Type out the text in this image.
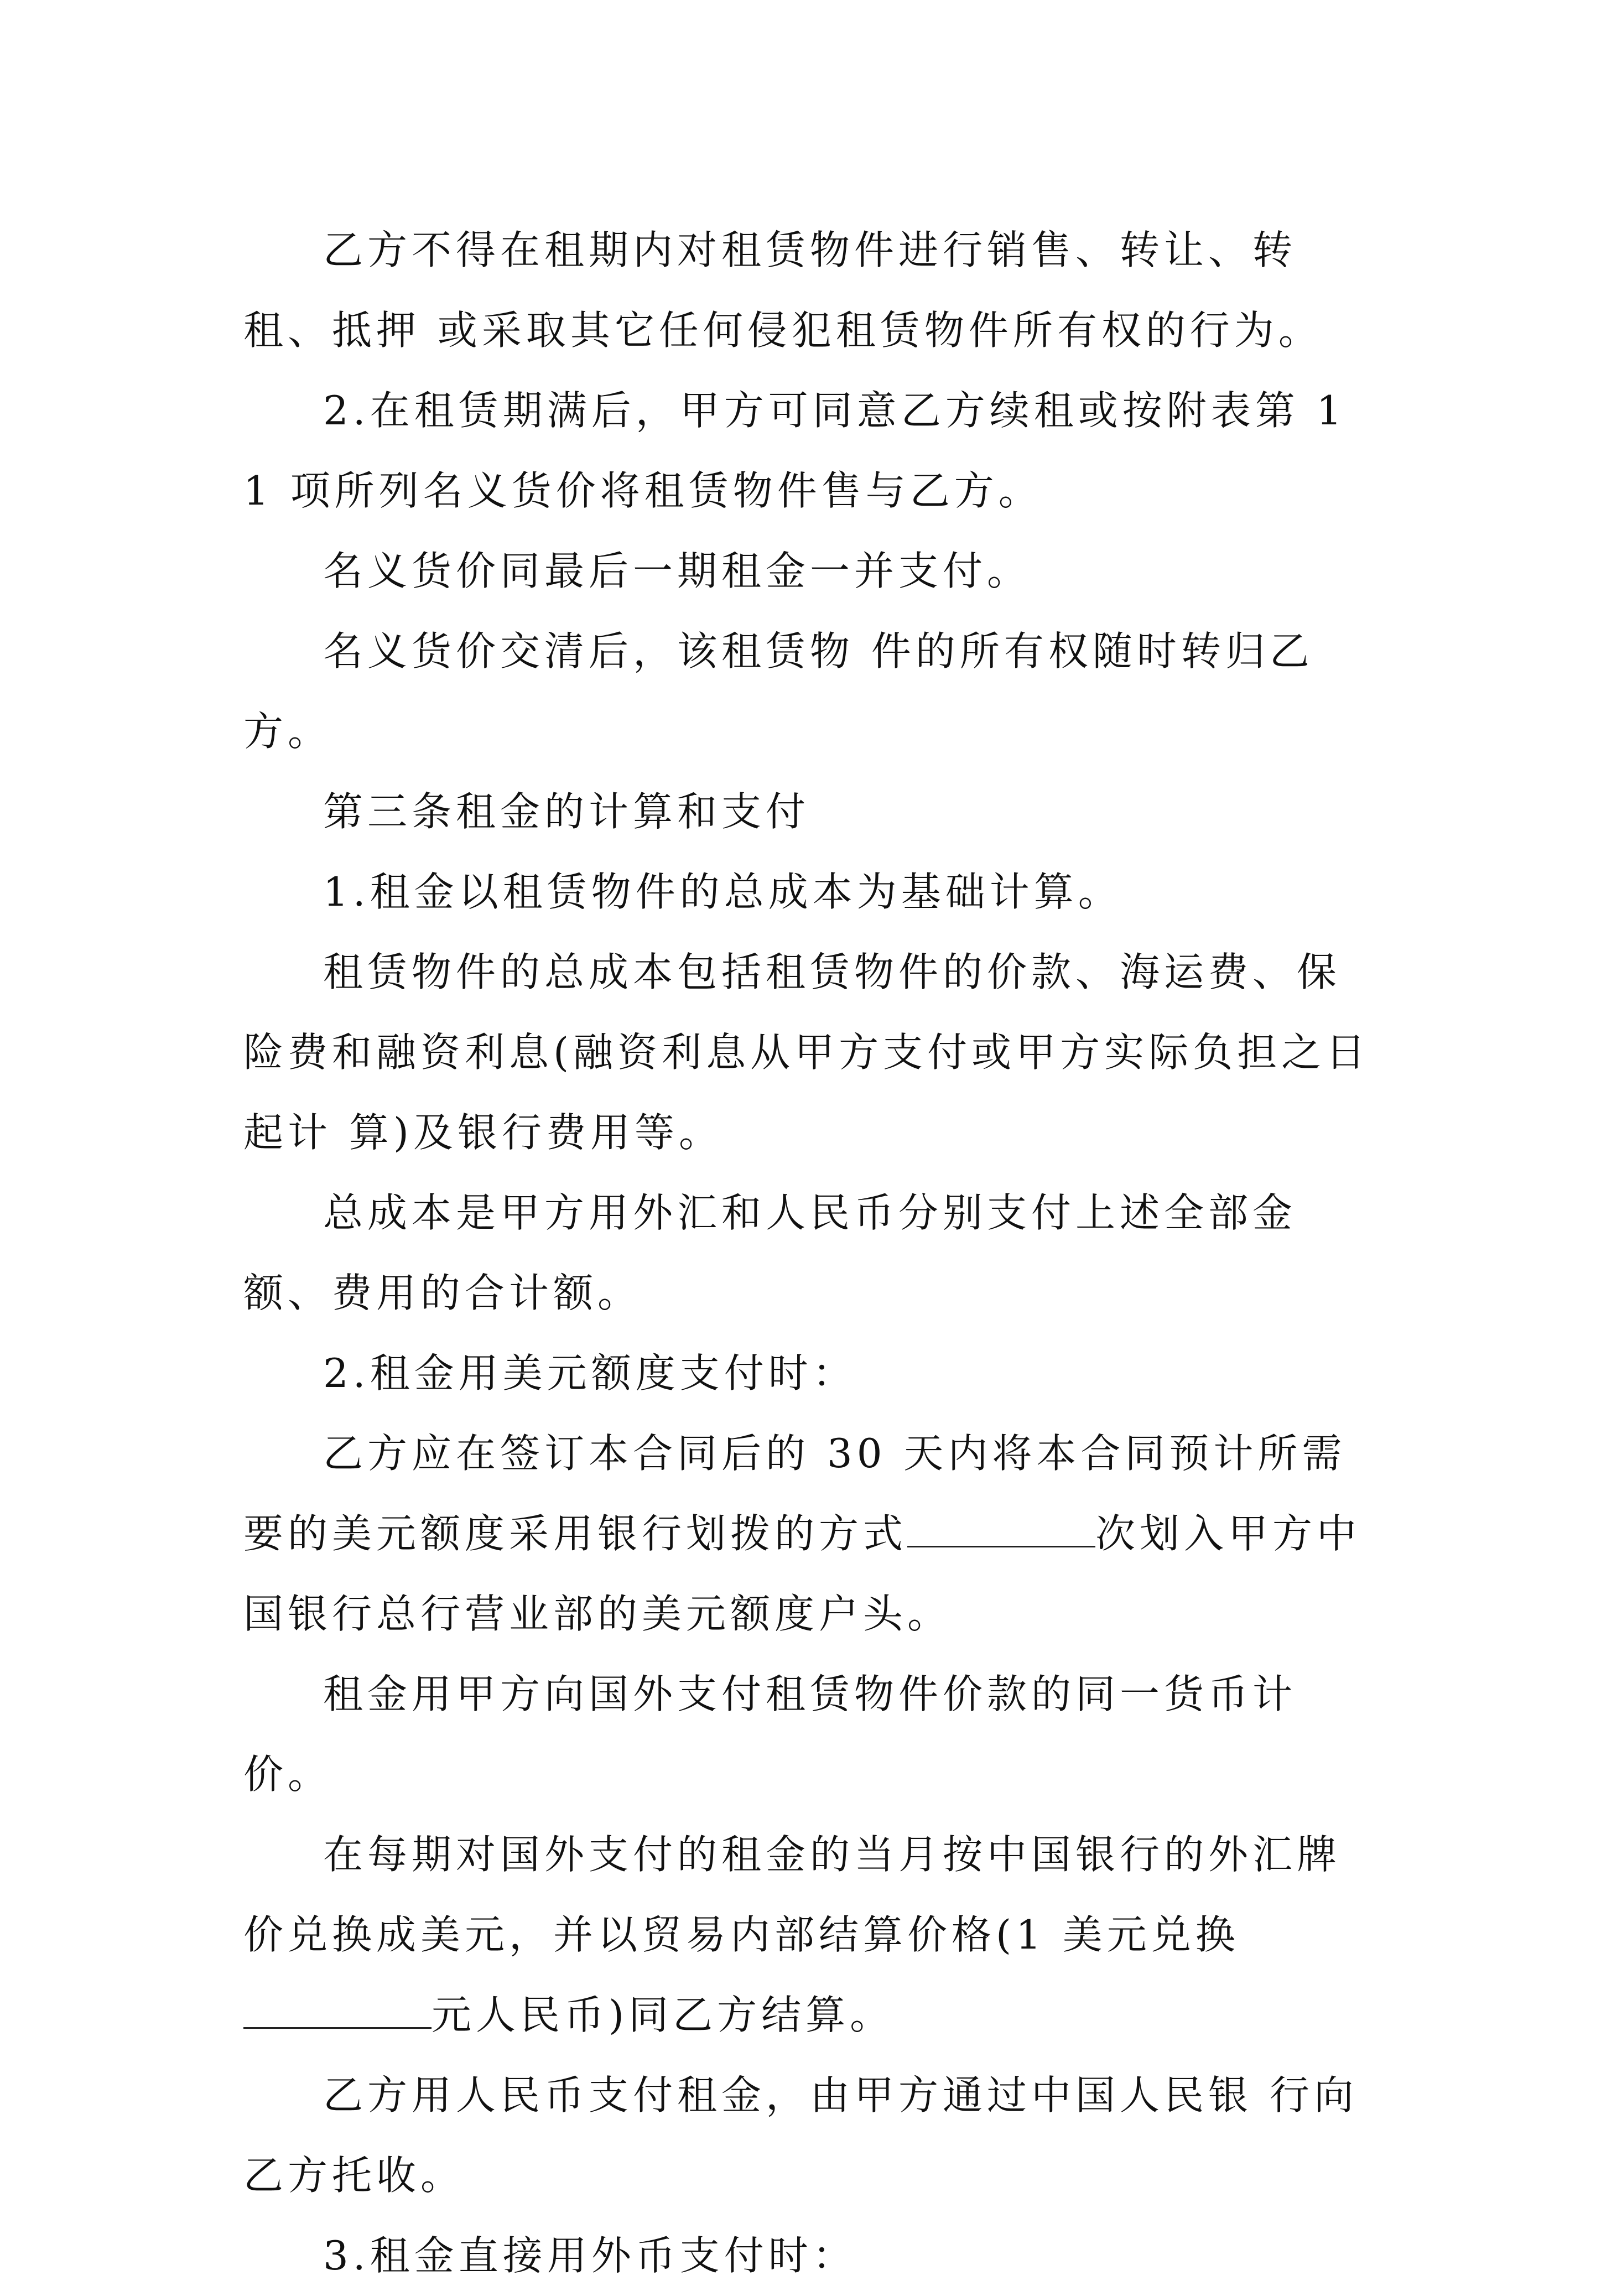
乙方不得在租期内对租赁物件进行销售、转让、转租、抵押 或采取其它任何侵犯租赁物件所有权的行为。

2.在租赁期满后，甲方可同意乙方续租或按附表第 11 项所列名义货价将租赁物件售与乙方。

名义货价同最后一期租金一并支付。

名义货价交清后，该租赁物 件的所有权随时转归乙方。

第三条租金的计算和支付

1.租金以租赁物件的总成本为基础计算。

租赁物件的总成本包括租赁物件的价款、海运费、保险费和融资利息(融资利息从甲方支付或甲方实际负担之日起计 算)及银行费用等。

总成本是甲方用外汇和人民币分别支付上述全部金额、费用的合计额。

2.租金用美元额度支付时：

乙方应在签订本合同后的 30 天内将本合同预计所需要的美元额度采用银行划拨的方式	次划入甲方中国银行总行营业部的美元额度户头。

租金用甲方向国外支付租赁物件价款的同一货币计价。

在每期对国外支付的租金的当月按中国银行的外汇牌价兑换成美元，并以贸易内部结算价格(1 美元兑换元人民币)同乙方结算。

乙方用人民币支付租金，由甲方通过中国人民银 行向乙方托收。

3.租金直接用外币支付时：
